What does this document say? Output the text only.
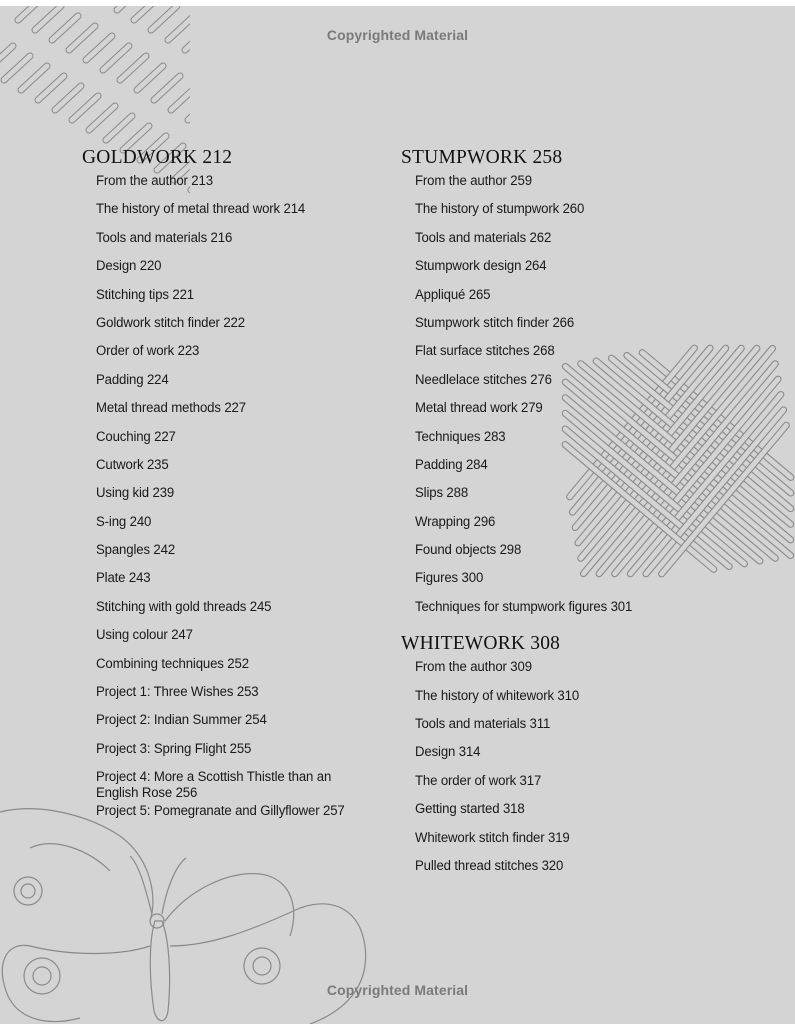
Copyrighted Material
GOLDWORK 212
From the author 213
The history of metal thread work 214
Tools and materials 216
Design 220
Stitching tips 221
Goldwork stitch finder 222
Order of work 223
Padding 224
Metal thread methods 227
Couching 227
Cutwork 235
Using kid 239
S-ing 240
Spangles 242
Plate 243
Stitching with gold threads 245
Using colour 247
Combining techniques 252
Project 1: Three Wishes 253
Project 2: Indian Summer 254
Project 3: Spring Flight 255
Project 4: More a Scottish Thistle than an English Rose 256
Project 5: Pomegranate and Gillyflower 257
STUMPWORK 258
From the author 259
The history of stumpwork 260
Tools and materials 262
Stumpwork design 264
Appliqué 265
Stumpwork stitch finder 266
Flat surface stitches 268
Needlelace stitches 276
Metal thread work 279
Techniques 283
Padding 284
Slips 288
Wrapping 296
Found objects 298
Figures 300
Techniques for stumpwork figures 301
WHITEWORK 308
From the author 309
The history of whitework 310
Tools and materials 311
Design 314
The order of work 317
Getting started 318
Whitework stitch finder 319
Pulled thread stitches 320
Copyrighted Material
